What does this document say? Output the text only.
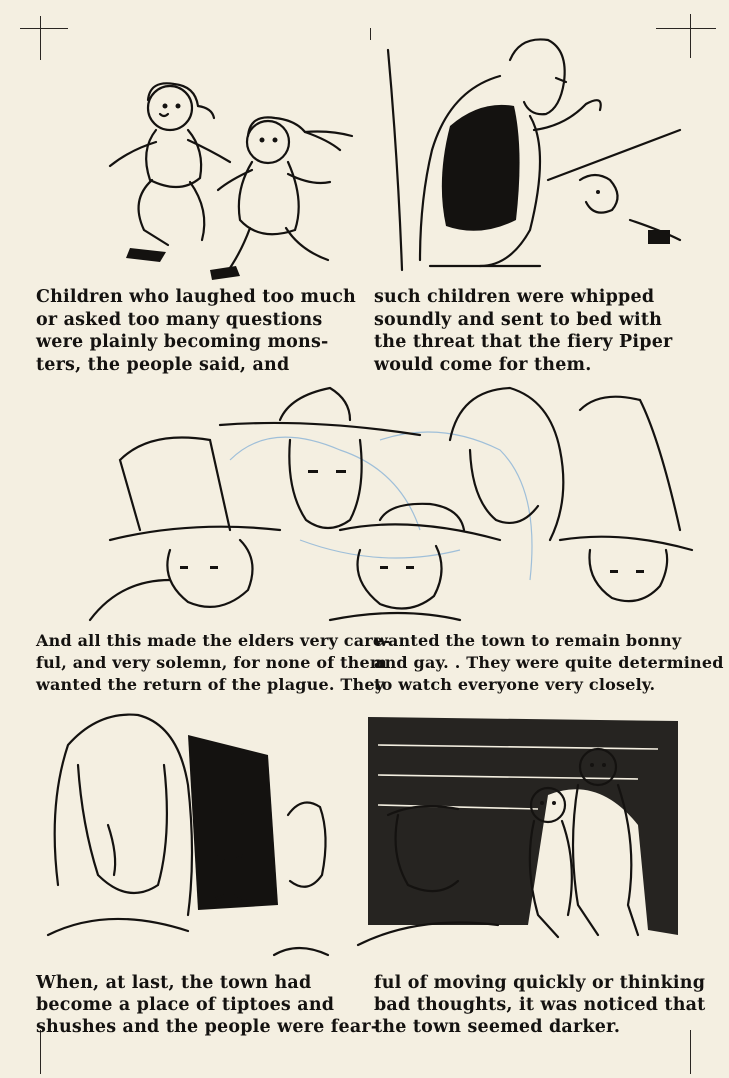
Children who laughed too much
or asked too many questions
were plainly becoming mons-
ters, the people said, and
such children were whipped
soundly and sent to bed with
the threat that the fiery Piper
would come for them.
And all this made the elders very care-
ful, and very solemn, for none of them
wanted the return of the plague. They
wanted the town to remain bonny
and gay. . They were quite determined
to watch everyone very closely.
When, at last, the town had
become a place of tiptoes and
shushes and the people were fear-
ful of moving quickly or thinking
bad thoughts, it was noticed that
the town seemed darker.
